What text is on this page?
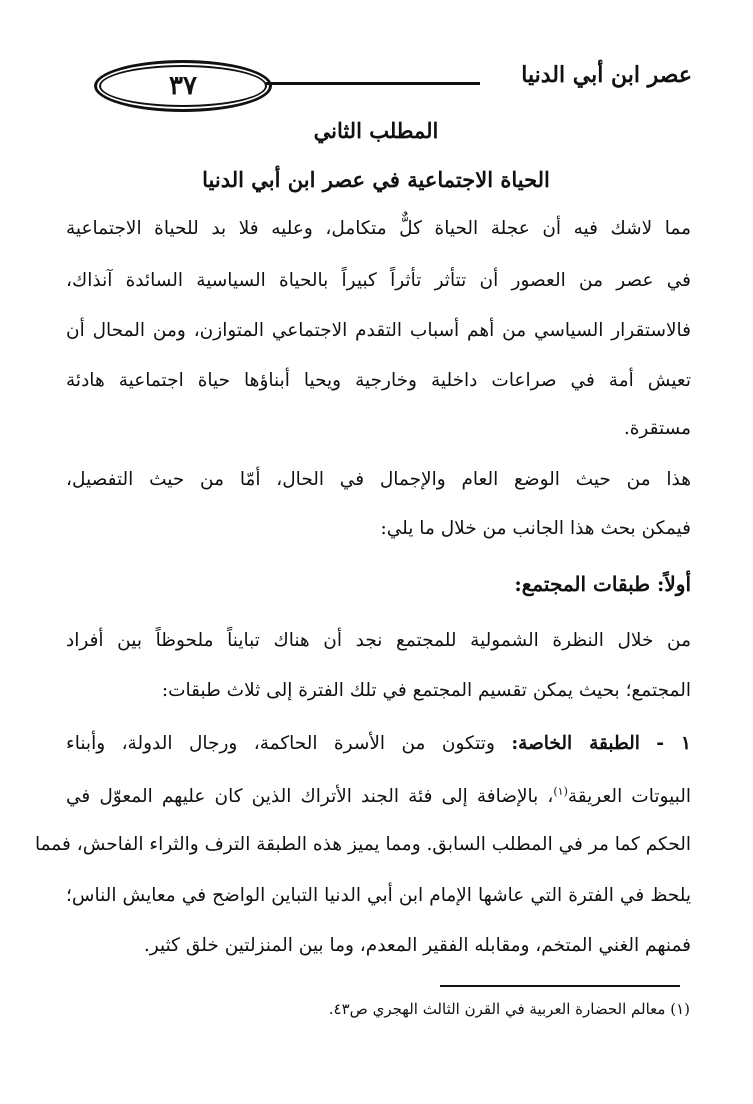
٣٧	عصر ابن أبي الدنيا
المطلب الثاني
الحياة الاجتماعية في عصر ابن أبي الدنيا
مما لاشك فيه أن عجلة الحياة كلٌّ متكامل، وعليه فلا بد للحياة الاجتماعية
في عصر من العصور أن تتأثر تأثراً كبيراً بالحياة السياسية السائدة آنذاك،
فالاستقرار السياسي من أهم أسباب التقدم الاجتماعي المتوازن، ومن المحال أن
تعيش أمة في صراعات داخلية وخارجية ويحيا أبناؤها حياة اجتماعية هادئة
مستقرة.
هذا من حيث الوضع العام والإجمال في الحال، أمّا من حيث التفصيل،
فيمكن بحث هذا الجانب من خلال ما يلي:
أولاً: طبقات المجتمع:
من خلال النظرة الشمولية للمجتمع نجد أن هناك تبايناً ملحوظاً بين أفراد
المجتمع؛ بحيث يمكن تقسيم المجتمع في تلك الفترة إلى ثلاث طبقات:
١ - الطبقة الخاصة: وتتكون من الأسرة الحاكمة، ورجال الدولة، وأبناء
البيوتات العريقة$^{(١)}$، بالإضافة إلى فئة الجند الأتراك الذين كان عليهم المعوّل في
الحكم كما مر في المطلب السابق. ومما يميز هذه الطبقة الترف والثراء الفاحش، فمما
يلحظ في الفترة التي عاشها الإمام ابن أبي الدنيا التباين الواضح في معايش الناس؛
فمنهم الغني المتخم، ومقابله الفقير المعدم، وما بين المنزلتين خلق كثير.
(١) معالم الحضارة العربية في القرن الثالث الهجري ص٤٣.
